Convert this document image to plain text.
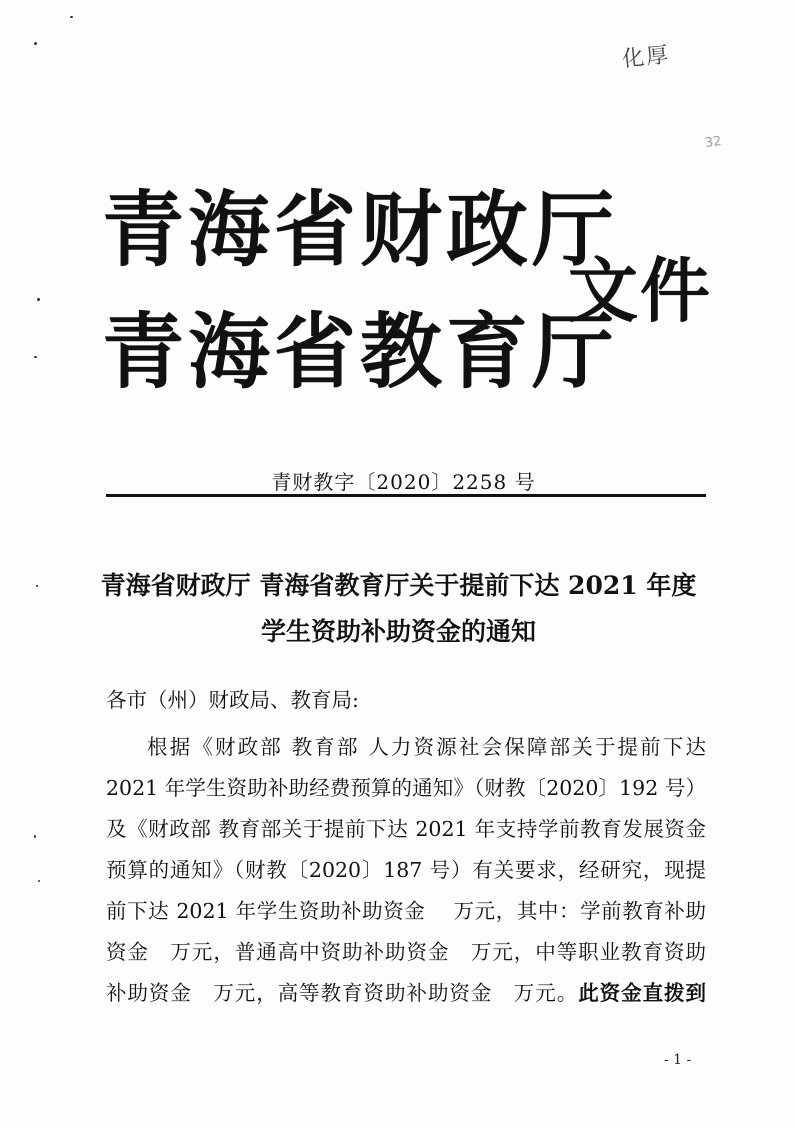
化厚
32
青海省财政厅
青海省教育厅
文件
青财教字〔2020〕2258 号
青海省财政厅 青海省教育厅关于提前下达 2021 年度
学生资助补助资金的通知
各市（州）财政局、教育局:
根据《财政部 教育部 人力资源社会保障部关于提前下达
2021 年学生资助补助经费预算的通知》（财教〔2020〕192 号）
及《财政部 教育部关于提前下达 2021 年支持学前教育发展资金
预算的通知》（财教〔2020〕187 号）有关要求，经研究，现提
前下达 2021 年学生资助补助资金　 万元，其中：学前教育补助
资金　万元，普通高中资助补助资金　万元，中等职业教育资助
补助资金　万元，高等教育资助补助资金　万元。此资金直拨到
- 1 -
